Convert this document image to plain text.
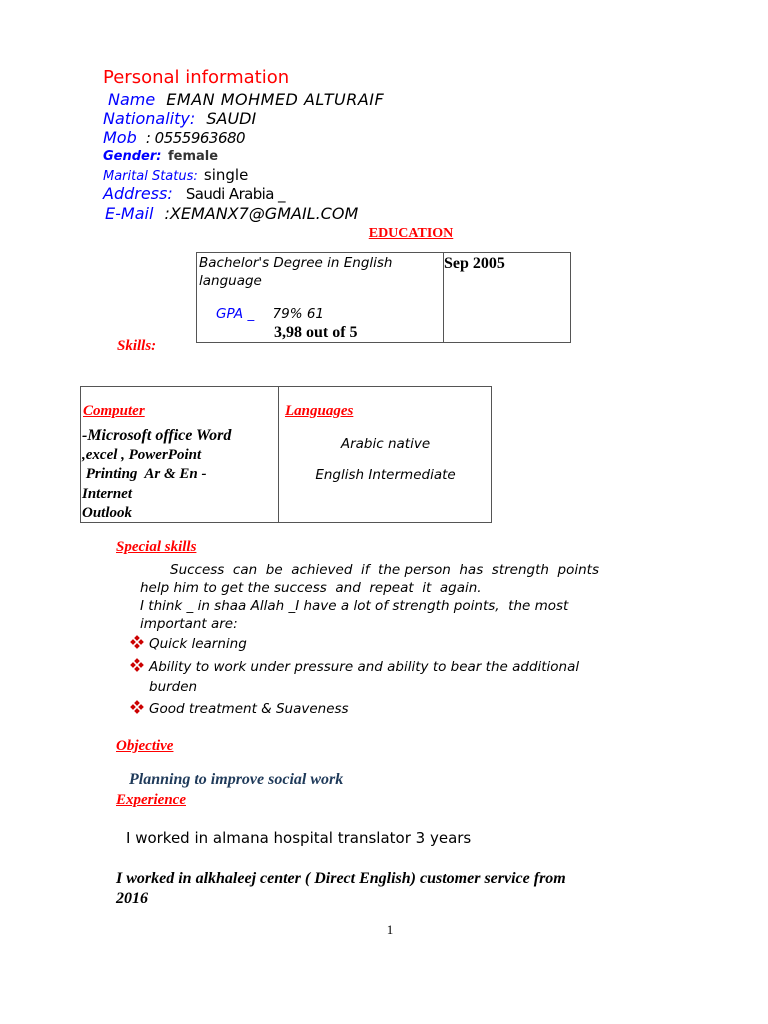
Personal information
Name EMAN MOHMED ALTURAIF
Nationality: SAUDI
Mob : 0555963680
Gender: female
Marital Status: single
Address: Saudi Arabia _
E-Mail :XEMANX7@GMAIL.COM
EDUCATION
Bachelor's Degree in English
language
GPA _ 79% 61
3,98 out of 5
Sep 2005
Skills:
Computer
-Microsoft office Word
,excel , PowerPoint
Printing  Ar & En -
Internet
Outlook
Languages
Arabic native
English Intermediate
Special skills
Success  can  be  achieved  if  the person  has  strength  points
help him to get the success  and  repeat  it  again.
I think _ in shaa Allah _I have a lot of strength points,  the most
important are:
Quick learning
Ability to work under pressure and ability to bear the additional
burden
Good treatment & Suaveness
Objective
Planning to improve social work
Experience
I worked in almana hospital translator 3 years
I worked in alkhaleej center ( Direct English) customer service from
2016
1
